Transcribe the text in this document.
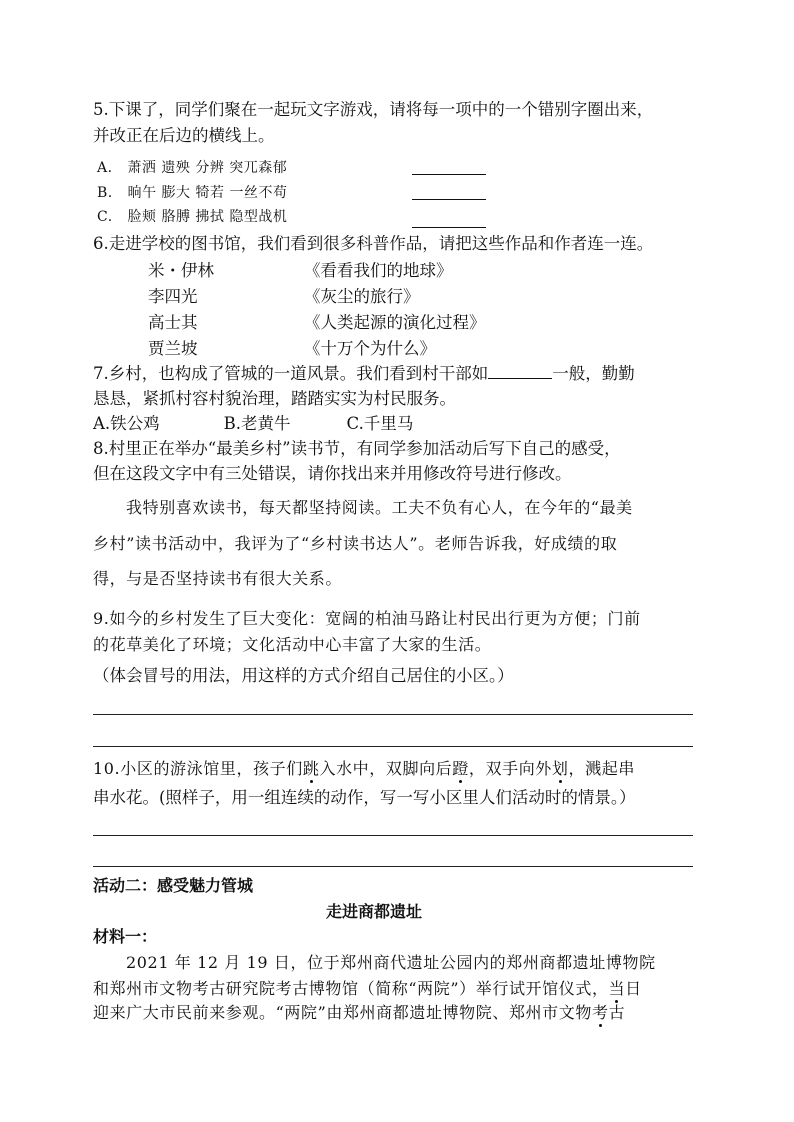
5.下课了，同学们聚在一起玩文字游戏，请将每一项中的一个错别字圈出来，
并改正在后边的横线上。
A. 萧洒 遗殃 分辨 突兀森郁
B. 晌午 膨大 犄若 一丝不苟
C. 脸颊 胳膊 拂拭 隐型战机
6.走进学校的图书馆，我们看到很多科普作品，请把这些作品和作者连一连。
米・伊林
李四光
高士其
贾兰坡
《看看我们的地球》
《灰尘的旅行》
《人类起源的演化过程》
《十万个为什么》
7.乡村，也构成了管城的一道风景。我们看到村干部如	一般，勤勤
恳恳，紧抓村容村貌治理，踏踏实实为村民服务。
A.铁公鸡	B.老黄牛	C.千里马
8.村里正在举办“最美乡村”读书节，有同学参加活动后写下自己的感受，
但在这段文字中有三处错误，请你找出来并用修改符号进行修改。
我特别喜欢读书，每天都坚持阅读。工夫不负有心人，在今年的“最美
乡村”读书活动中，我评为了“乡村读书达人”。老师告诉我，好成绩的取
得，与是否坚持读书有很大关系。
9.如今的乡村发生了巨大变化：宽阔的柏油马路让村民出行更为方便；门前
的花草美化了环境；文化活动中心丰富了大家的生活。
（体会冒号的用法，用这样的方式介绍自己居住的小区。）
10.小区的游泳馆里，孩子们跳入水中，双脚向后蹬，双手向外划，溅起串
串水花。(照样子，用一组连续的动作，写一写小区里人们活动时的情景。）
活动二：感受魅力管城
走进商都遗址
材料一：
2021 年 12 月 19 日，位于郑州商代遗址公园内的郑州商都遗址博物院
和郑州市文物考古研究院考古博物馆（简称“两院”）举行试开馆仪式，当日
迎来广大市民前来参观。“两院”由郑州商都遗址博物院、郑州市文物考古
